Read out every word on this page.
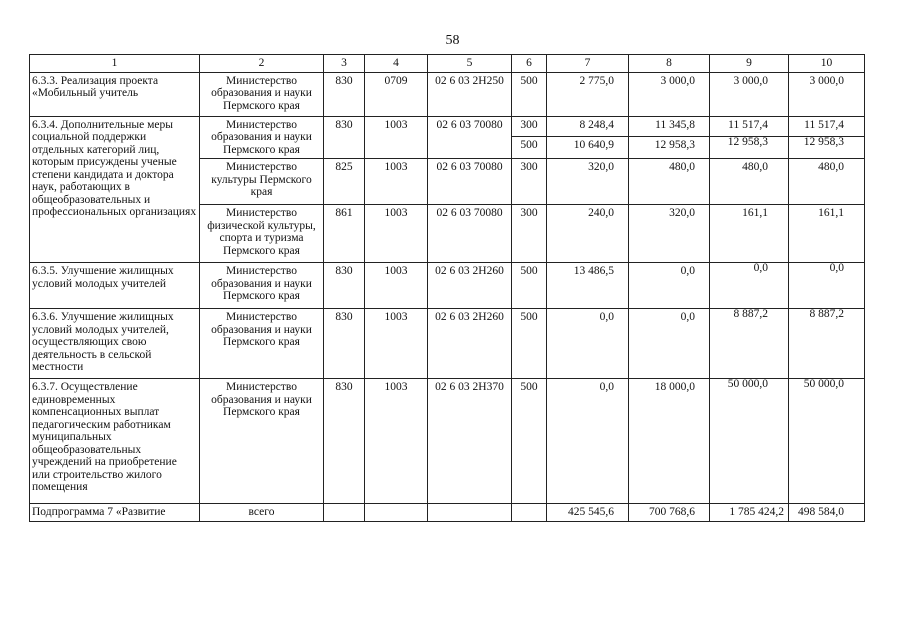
58
1	2	3	4	5	6	7	8	9	10
6.3.3. Реализация проекта «Мобильный учитель	Министерство образования и науки Пермского края	830	0709	02 6 03 2Н250	500	2 775,0	3 000,0	3 000,0	3 000,0
6.3.4. Дополнительные меры социальной поддержки отдельных категорий лиц, которым присуждены ученые степени кандидата и доктора наук, работающих в общеобразовательных и профессиональных организациях	Министерство образования и науки Пермского края	830	1003	02 6 03 70080	300	8 248,4	11 345,8	11 517,4	11 517,4
					500	10 640,9	12 958,3	12 958,3	12 958,3
	Министерство культуры Пермского края	825	1003	02 6 03 70080	300	320,0	480,0	480,0	480,0
	Министерство физической культуры, спорта и туризма Пермского края	861	1003	02 6 03 70080	300	240,0	320,0	161,1	161,1
6.3.5. Улучшение жилищных условий молодых учителей	Министерство образования и науки Пермского края	830	1003	02 6 03 2Н260	500	13 486,5	0,0	0,0	0,0
6.3.6. Улучшение жилищных условий молодых учителей, осуществляющих свою деятельность в сельской местности	Министерство образования и науки Пермского края	830	1003	02 6 03 2Н260	500	0,0	0,0	8 887,2	8 887,2
6.3.7. Осуществление единовременных компенсационных выплат педагогическим работникам муниципальных общеобразовательных учреждений на приобретение или строительство жилого помещения	Министерство образования и науки Пермского края	830	1003	02 6 03 2Н370	500	0,0	18 000,0	50 000,0	50 000,0
Подпрограмма 7 «Развитие	всего					425 545,6	700 768,6	1 785 424,2	498 584,0
